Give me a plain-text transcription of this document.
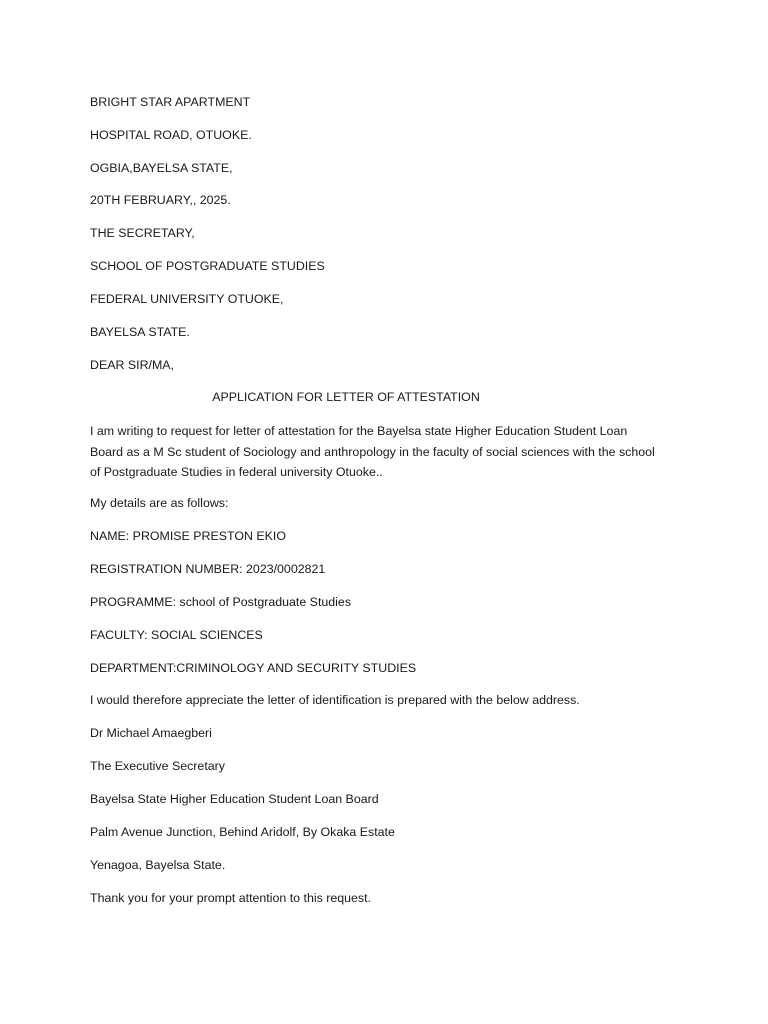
BRIGHT STAR APARTMENT
HOSPITAL ROAD, OTUOKE.
OGBIA,BAYELSA STATE,
20TH FEBRUARY,, 2025.
THE SECRETARY,
SCHOOL OF POSTGRADUATE STUDIES
FEDERAL UNIVERSITY OTUOKE,
BAYELSA STATE.
DEAR SIR/MA,
APPLICATION FOR LETTER OF ATTESTATION
I am writing to request for letter of attestation for the Bayelsa state Higher Education Student Loan
Board as a M Sc student of Sociology and anthropology in the faculty of social sciences with the school
of Postgraduate Studies in federal university Otuoke..
My details are as follows:
NAME: PROMISE PRESTON EKIO
REGISTRATION NUMBER: 2023/0002821
PROGRAMME: school of Postgraduate Studies
FACULTY: SOCIAL SCIENCES
DEPARTMENT:CRIMINOLOGY AND SECURITY STUDIES
I would therefore appreciate the letter of identification is prepared with the below address.
Dr Michael Amaegberi
The Executive Secretary
Bayelsa State Higher Education Student Loan Board
Palm Avenue Junction, Behind Aridolf, By Okaka Estate
Yenagoa, Bayelsa State.
Thank you for your prompt attention to this request.
